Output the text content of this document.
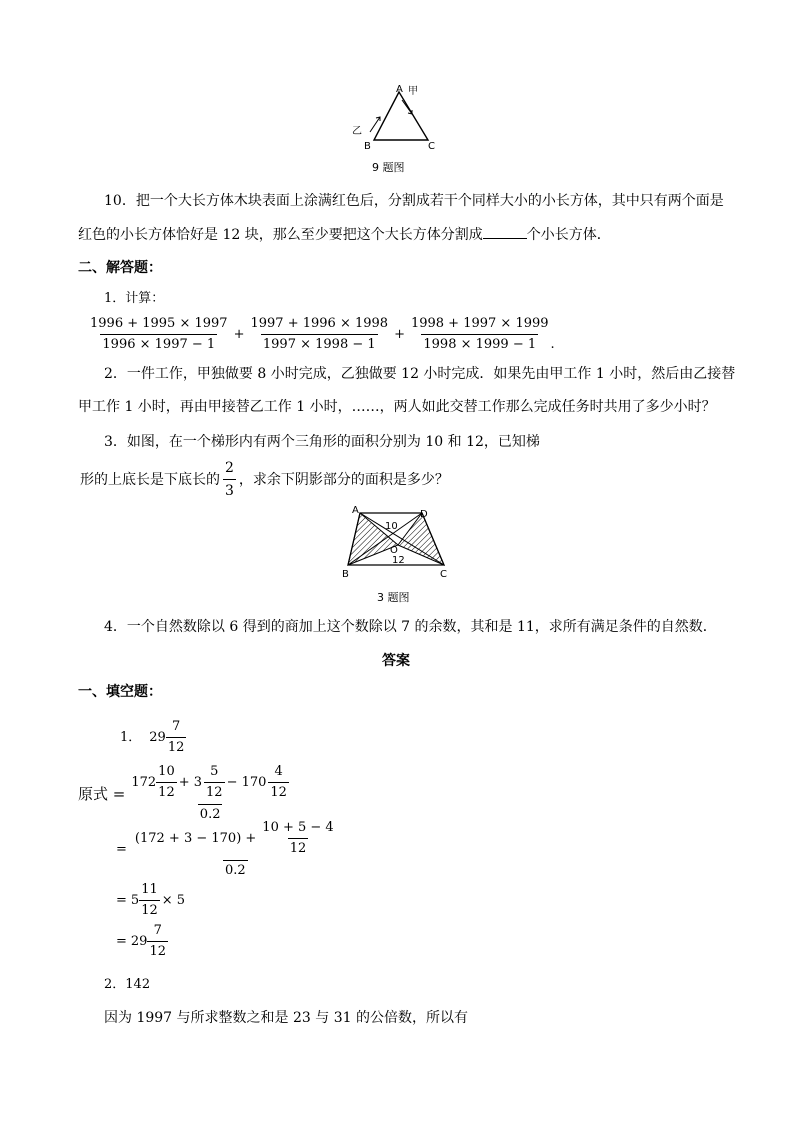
A 甲
乙
B	C
9 题图
10．把一个大长方体木块表面上涂满红色后，分割成若干个同样大小的小长方体，其中只有两个面是
红色的小长方体恰好是 12 块，那么至少要把这个大长方体分割成	个小长方体．
二、解答题：
1．计算：
$\frac{1996 + 1995 \times 1997}{1996 \times 1997 - 1} + \frac{1997 + 1996 \times 1998}{1997 \times 1998 - 1} + \frac{1998 + 1997 \times 1999}{1998 \times 1999 - 1}$ .
2．一件工作，甲独做要 8 小时完成，乙独做要 12 小时完成．如果先由甲工作 1 小时，然后由乙接替
甲工作 1 小时，再由甲接替乙工作 1 小时，……，两人如此交替工作那么完成任务时共用了多少小时？
3．如图，在一个梯形内有两个三角形的面积分别为 10 和 12，已知梯
形的上底长是下底长的 $\frac{2}{3}$ ，求余下阴影部分的面积是多少？
A	D
B	C
O
10
12
3 题图
4．一个自然数除以 6 得到的商加上这个数除以 7 的余数，其和是 11，求所有满足条件的自然数．
答案
一、填空题：
1． $29 \frac{7}{12}$
原式 = $\frac{172 \frac{10}{12} + 3 \frac{5}{12} - 170 \frac{4}{12}}{0.2}$
= $\frac{(172 + 3 - 170) + \frac{10 + 5 - 4}{12}}{0.2}$
= $5 \frac{11}{12} \times 5$
= $29 \frac{7}{12}$
2．142
因为 1997 与所求整数之和是 23 与 31 的公倍数，所以有
